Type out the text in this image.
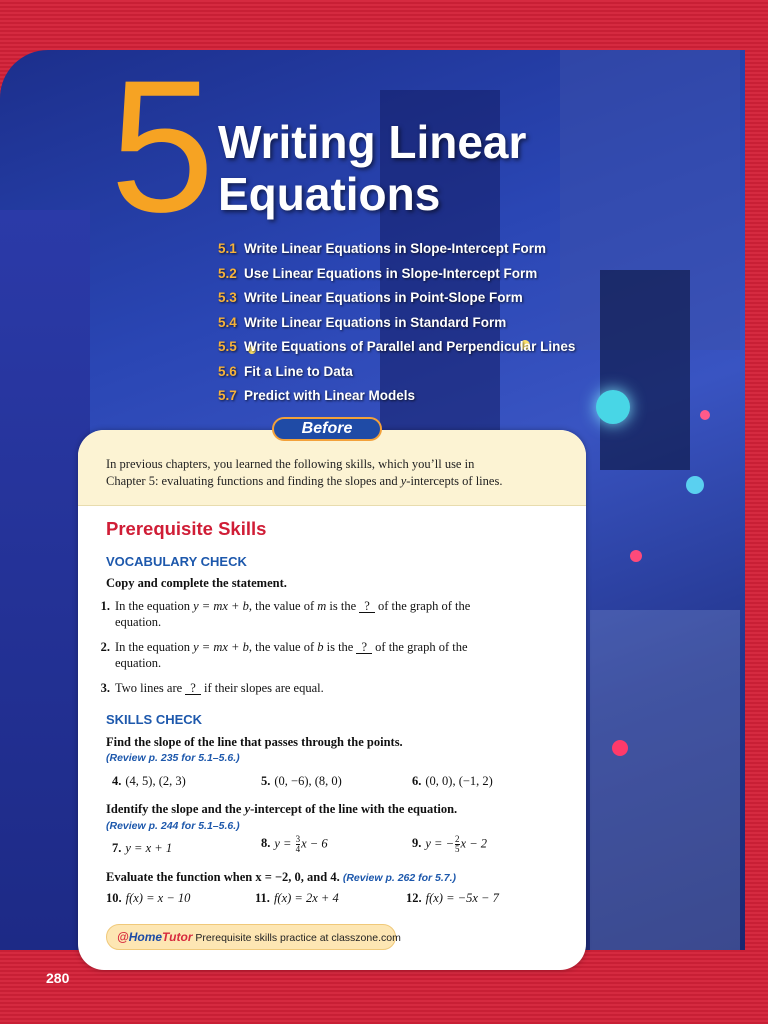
5 Writing Linear
Equations
5.1 Write Linear Equations in Slope-Intercept Form
5.2 Use Linear Equations in Slope-Intercept Form
5.3 Write Linear Equations in Point-Slope Form
5.4 Write Linear Equations in Standard Form
5.5 Write Equations of Parallel and Perpendicular Lines
5.6 Fit a Line to Data
5.7 Predict with Linear Models
In previous chapters, you learned the following skills, which you’ll use in
Chapter 5: evaluating functions and finding the slopes and y-intercepts of lines.
Prerequisite Skills
VOCABULARY CHECK
Copy and complete the statement.
1. In the equation y = mx + b, the value of m is the ? of the graph of the
equation.
2. In the equation y = mx + b, the value of b is the ? of the graph of the
equation.
3. Two lines are ? if their slopes are equal.
SKILLS CHECK
Find the slope of the line that passes through the points.
(Review p. 235 for 5.1–5.6.)
4. (4, 5), (2, 3)	5. (0, −6), (8, 0)	6. (0, 0), (−1, 2)
Identify the slope and the y-intercept of the line with the equation.
(Review p. 244 for 5.1–5.6.)
7. y = x + 1	8. $y = \frac{3}{4}$ x − 6	9. y = − $\frac{2}{5}$ x − 2
Evaluate the function when x = −2, 0, and 4. (Review p. 262 for 5.7.)
10. f(x) = x − 10	11. f(x) = 2x + 4	12. f(x) = −5x − 7
@HomeTutor Prerequisite skills practice at classzone.com
Before
280
